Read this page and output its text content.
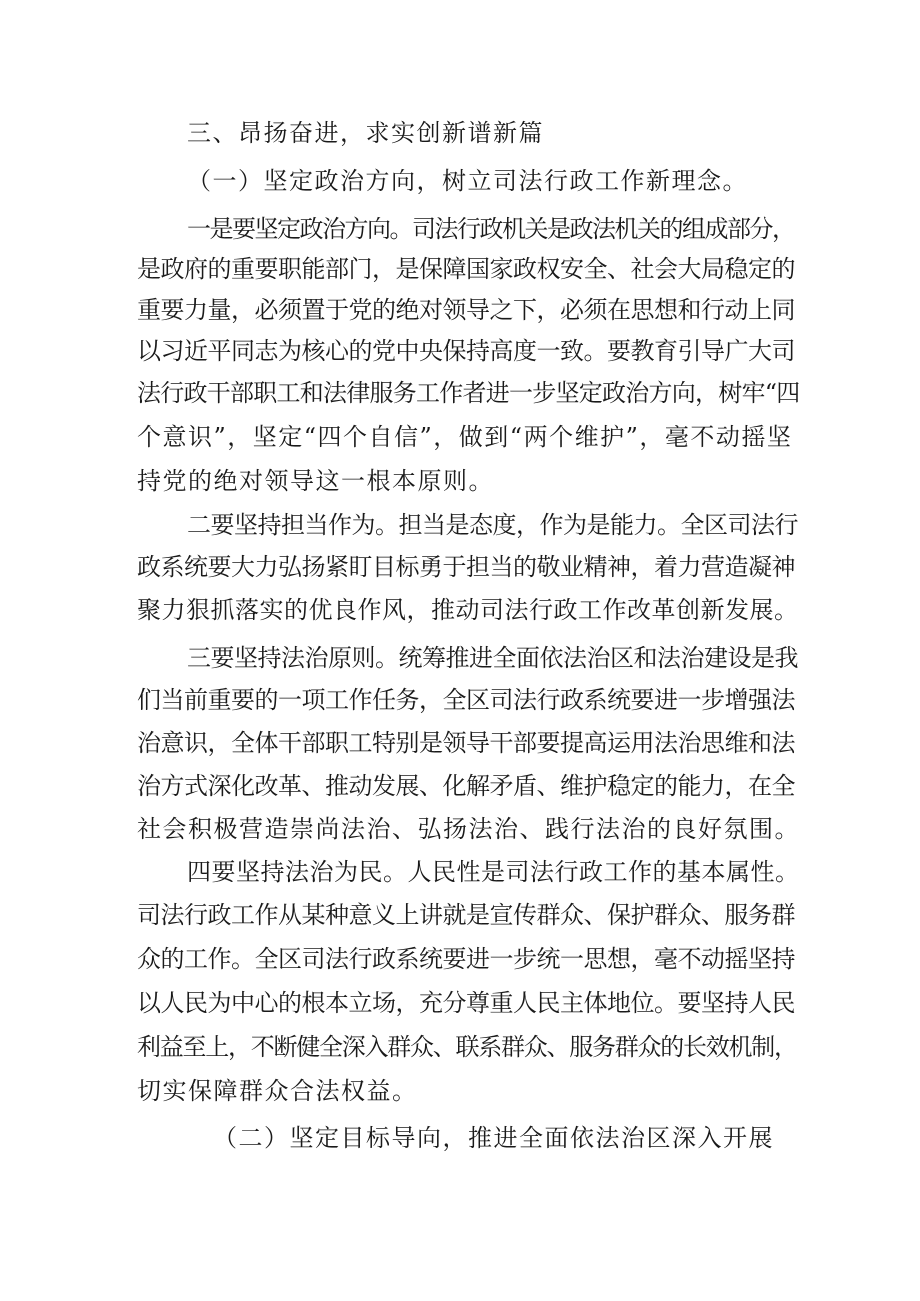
三、昂扬奋进，求实创新谱新篇
（一）坚定政治方向，树立司法行政工作新理念。
一是要坚定政治方向。司法行政机关是政法机关的组成部分，
是政府的重要职能部门，是保障国家政权安全、社会大局稳定的
重要力量，必须置于党的绝对领导之下，必须在思想和行动上同
以习近平同志为核心的党中央保持高度一致。要教育引导广大司
法行政干部职工和法律服务工作者进一步坚定政治方向，树牢“四
个意识”，坚定“四个自信”，做到“两个维护”，毫不动摇坚
持党的绝对领导这一根本原则。
二要坚持担当作为。担当是态度，作为是能力。全区司法行
政系统要大力弘扬紧盯目标勇于担当的敬业精神，着力营造凝神
聚力狠抓落实的优良作风，推动司法行政工作改革创新发展。
三要坚持法治原则。统筹推进全面依法治区和法治建设是我
们当前重要的一项工作任务，全区司法行政系统要进一步增强法
治意识，全体干部职工特别是领导干部要提高运用法治思维和法
治方式深化改革、推动发展、化解矛盾、维护稳定的能力，在全
社会积极营造崇尚法治、弘扬法治、践行法治的良好氛围。
四要坚持法治为民。人民性是司法行政工作的基本属性。
司法行政工作从某种意义上讲就是宣传群众、保护群众、服务群
众的工作。全区司法行政系统要进一步统一思想，毫不动摇坚持
以人民为中心的根本立场，充分尊重人民主体地位。要坚持人民
利益至上，不断健全深入群众、联系群众、服务群众的长效机制，
切实保障群众合法权益。
（二）坚定目标导向，推进全面依法治区深入开展
